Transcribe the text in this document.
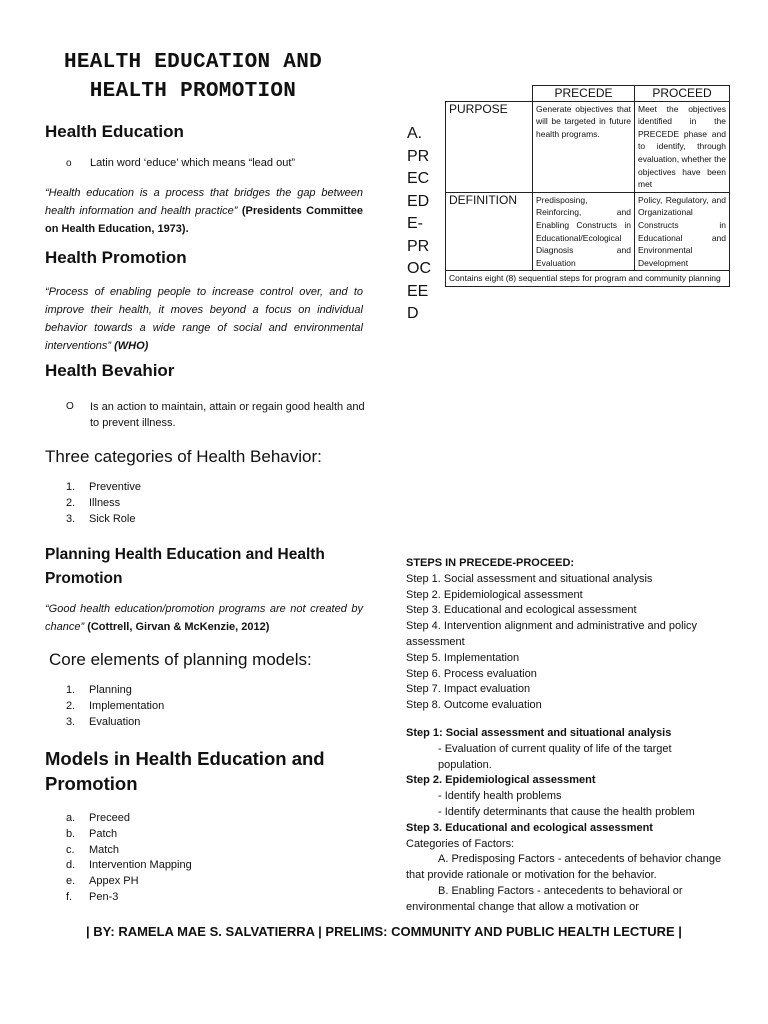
HEALTH EDUCATION AND
HEALTH PROMOTION
Health Education
o Latin word ‘educe’ which means “lead out”
“Health education is a process that bridges the gap between health information and health practice” (Presidents Committee on Health Education, 1973).
Health Promotion
“Process of enabling people to increase control over, and to improve their health, it moves beyond a focus on individual behavior towards a wide range of social and environmental interventions” (WHO)
Health Bevahior
O	Is an action to maintain, attain or regain good health and to prevent illness.
Three categories of Health Behavior:
1. Preventive
2. Illness
3. Sick Role
Planning Health Education and Health Promotion
“Good health education/promotion programs are not created by chance” (Cottrell, Girvan & McKenzie, 2012)
Core elements of planning models:
1. Planning
2. Implementation
3. Evaluation
Models in Health Education and Promotion
a. Preceed
b. Patch
c. Match
d. Intervention Mapping
e. Appex PH
f. Pen-3
A.
PR
EC
ED
E-
PR
OC
EE
D
	PRECEDE	PROCEED
PURPOSE	Generate objectives that will be targeted in future health programs.	Meet the objectives identified in the PRECEDE phase and to identify, through evaluation, whether the objectives have been met
DEFINITION	Predisposing, Reinforcing, and Enabling Constructs in Educational/Ecological Diagnosis and Evaluation	Policy, Regulatory, and Organizational Constructs in Educational and Environmental Development
Contains eight (8) sequential steps for program and community planning		
STEPS IN PRECEDE-PROCEED:
Step 1. Social assessment and situational analysis
Step 2. Epidemiological assessment
Step 3. Educational and ecological assessment
Step 4. Intervention alignment and administrative and policy assessment
Step 5. Implementation
Step 6. Process evaluation
Step 7. Impact evaluation
Step 8. Outcome evaluation
Step 1: Social assessment and situational analysis
- Evaluation of current quality of life of the target population.
Step 2. Epidemiological assessment
- Identify health problems
- Identify determinants that cause the health problem
Step 3. Educational and ecological assessment
Categories of Factors:
A. Predisposing Factors - antecedents of behavior change that provide rationale or motivation for the behavior.
B. Enabling Factors - antecedents to behavioral or environmental change that allow a motivation or
| BY: RAMELA MAE S. SALVATIERRA | PRELIMS: COMMUNITY AND PUBLIC HEALTH LECTURE |
